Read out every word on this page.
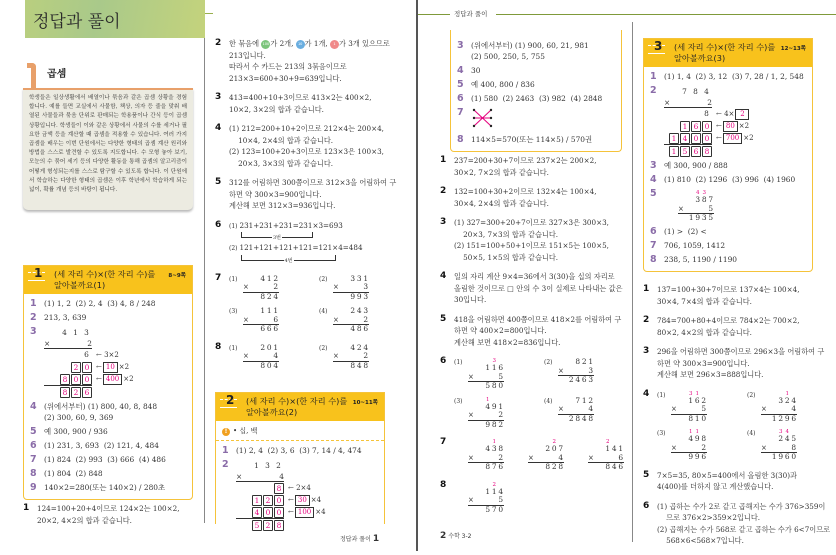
정답과 풀이
곱셈
학생들은 일상생활에서 배열이나 묶음과 같은 곱셈 상황을 경험합니다. 예를 들면 교실에서 사물함, 책상, 의자 등 줄을 맞춰 배열된 사물들과 묶음 단위로 판매되는 학용품이나 간식 등이 곱셈 상황입니다. 학생들이 이와 같은 상황에서 사물의 수를 세거나 필요한 금액 등을 계산할 때 곱셈을 적용할 수 있습니다. 여러 가지 곱셈을 배우는 이번 단원에서는 다양한 형태의 곱셈 계산 원리와 방법을 스스로 발견할 수 있도록 지도합니다. 수 모형 놓아 보기, 모눈의 수 묶어 세기 등의 다양한 활동을 통해 곱셈의 알고리즘이 어떻게 형성되는지를 스스로 탐구할 수 있도록 합니다. 이 단원에서 학습하는 다양한 형태의 곱셈은 이후 학년에서 학습하게 되는 넓이, 확률 개념 등의 바탕이 됩니다.
1	(세 자리 수)×(한 자리 수)를
알아볼까요(1)
8~9쪽
1 (1) 1, 2  (2) 2, 4  (3) 4, 8 / 248
2 213, 3, 639
3	4 1 3
×	2
6	← 3×2
2 0 ← 10 ×2
8 0 0 ← 400 ×2
8 2 6
4 (위에서부터) (1) 800, 40, 8, 848
(2) 300, 60, 9, 369
5 예 300, 900 / 936
6 (1) 231, 3, 693  (2) 121, 4, 484
7 (1) 824  (2) 993  (3) 666  (4) 486
8 (1) 804  (2) 848
9 140×2=280(또는 140×2) / 280초
1	124=100+20+4이므로 124×2는 100×2,
20×2, 4×2의 합과 같습니다.
2	한 묶음에 100가 2개, 10 가 1개, 1 가 3개 있으므로
213입니다.
따라서 수 카드는 213의 3묶음이므로
213×3=600+30+9=639입니다.
3	413=400+10+3이므로 413×2는 400×2,
10×2, 3×2의 합과 같습니다.
4	(1) 212=200+10+2이므로 212×4는 200×4,
10×4, 2×4의 합과 같습니다.
(2) 123=100+20+3이므로 123×3은 100×3,
20×3, 3×3의 합과 같습니다.
5	312를 어림하면 300쯤이므로 312×3을 어림하여 구
하면 약 300×3=900입니다.
계산해 보면 312×3=936입니다.
6	(1) 231+231+231=231×3=693
3번
(2) 121+121+121+121=121×4=484
4번
7	(1)	4 1 2
×	2
8 2 4
(2)	3 3 1
×	3
9 9 3
(3)	1 1 1
×	6
6 6 6
(4)	2 4 3
×	2
4 8 6
8	(1)	2 0 1
×	4
8 0 4
(2)	4 2 4
×	2
8 4 8
2	(세 자리 수)×(한 자리 수)를
알아볼까요(2)
10~11쪽
! • 십, 백
1 (1) 2, 4  (2) 3, 6  (3) 7, 14 / 4, 474
2	1 3 2
×	4
8 ← 2×4
1 2 0 ← 30 ×4
4 0 0 ← 100 ×4
5 2 8
정답과 풀이 1
정답과 풀이
3 (위에서부터) (1) 900, 60, 21, 981
(2) 500, 250, 5, 755
4 30
5 예 400, 800 / 836
6 (1) 580  (2) 2463  (3) 982  (4) 2848
7
8 114×5=570(또는 114×5) / 570권
1	237=200+30+7이므로 237×2는 200×2,
30×2, 7×2의 합과 같습니다.
2	132=100+30+2이므로 132×4는 100×4,
30×4, 2×4의 합과 같습니다.
3	(1) 327=300+20+7이므로 327×3은 300×3,
20×3, 7×3의 합과 같습니다.
(2) 151=100+50+1이므로 151×5는 100×5,
50×5, 1×5의 합과 같습니다.
4	일의 자리 계산 9×4=36에서 3(30)을 십의 자리로
올림한 것이므로 □ 안의 수 3이 실제로 나타내는 값은
30입니다.
5	418을 어림하면 400쯤이므로 418×2를 어림하여 구
하면 약 400×2=800입니다.
계산해 보면 418×2=836입니다.
6	(1)	3
1 1 6
×	5
5 8 0
(2)	8 2 1
×	3
2 4 6 3
(3)	1
4 9 1
×	2
9 8 2
(4)	7 1 2
×	4
2 8 4 8
7	1
4 3 8
×	2
8 7 6
2
2 0 7
×	4
8 2 8
2
1 4 1
×	6
8 4 6
8	2
1 1 4
×	5
5 7 0
3	(세 자리 수)×(한 자리 수)를
알아볼까요(3)
12~13쪽
1 (1) 1, 4  (2) 3, 12  (3) 7, 28 / 1, 2, 548
2	7 8 4
×	2
8	← 4× 2
1 6 0 ← 80 ×2
1 4 0 0 ← 700 ×2
1 5 6 8
3 예 300, 900 / 888
4 (1) 810  (2) 1296  (3) 996  (4) 1960
5	4 3
3 8 7
×	5
1 9 3 5
6 (1) >  (2) <
7 706, 1059, 1412
8 238, 5, 1190 / 1190
1	137=100+30+7이므로 137×4는 100×4,
30×4, 7×4의 합과 같습니다.
2	784=700+80+4이므로 784×2는 700×2,
80×2, 4×2의 합과 같습니다.
3	296을 어림하면 300쯤이므로 296×3을 어림하여 구
하면 약 300×3=900입니다.
계산해 보면 296×3=888입니다.
4	(1)	3 1
1 6 2
×	5
8 1 0
(2)	1
3 2 4
×	4
1 2 9 6
(3)	1 1
4 9 8
×	2
9 9 6
(4)	3 4
2 4 5
×	8
1 9 6 0
5	7×5=35, 80×5=400에서 올림한 3(30)과
4(400)를 더하지 않고 계산했습니다.
6	(1) 곱하는 수가 2로 같고 곱해지는 수가 376>359이
므로 376×2>359×2입니다.
(2) 곱해지는 수가 568로 같고 곱하는 수가 6<7이므로
568×6<568×7입니다.
2 수학 3-2
